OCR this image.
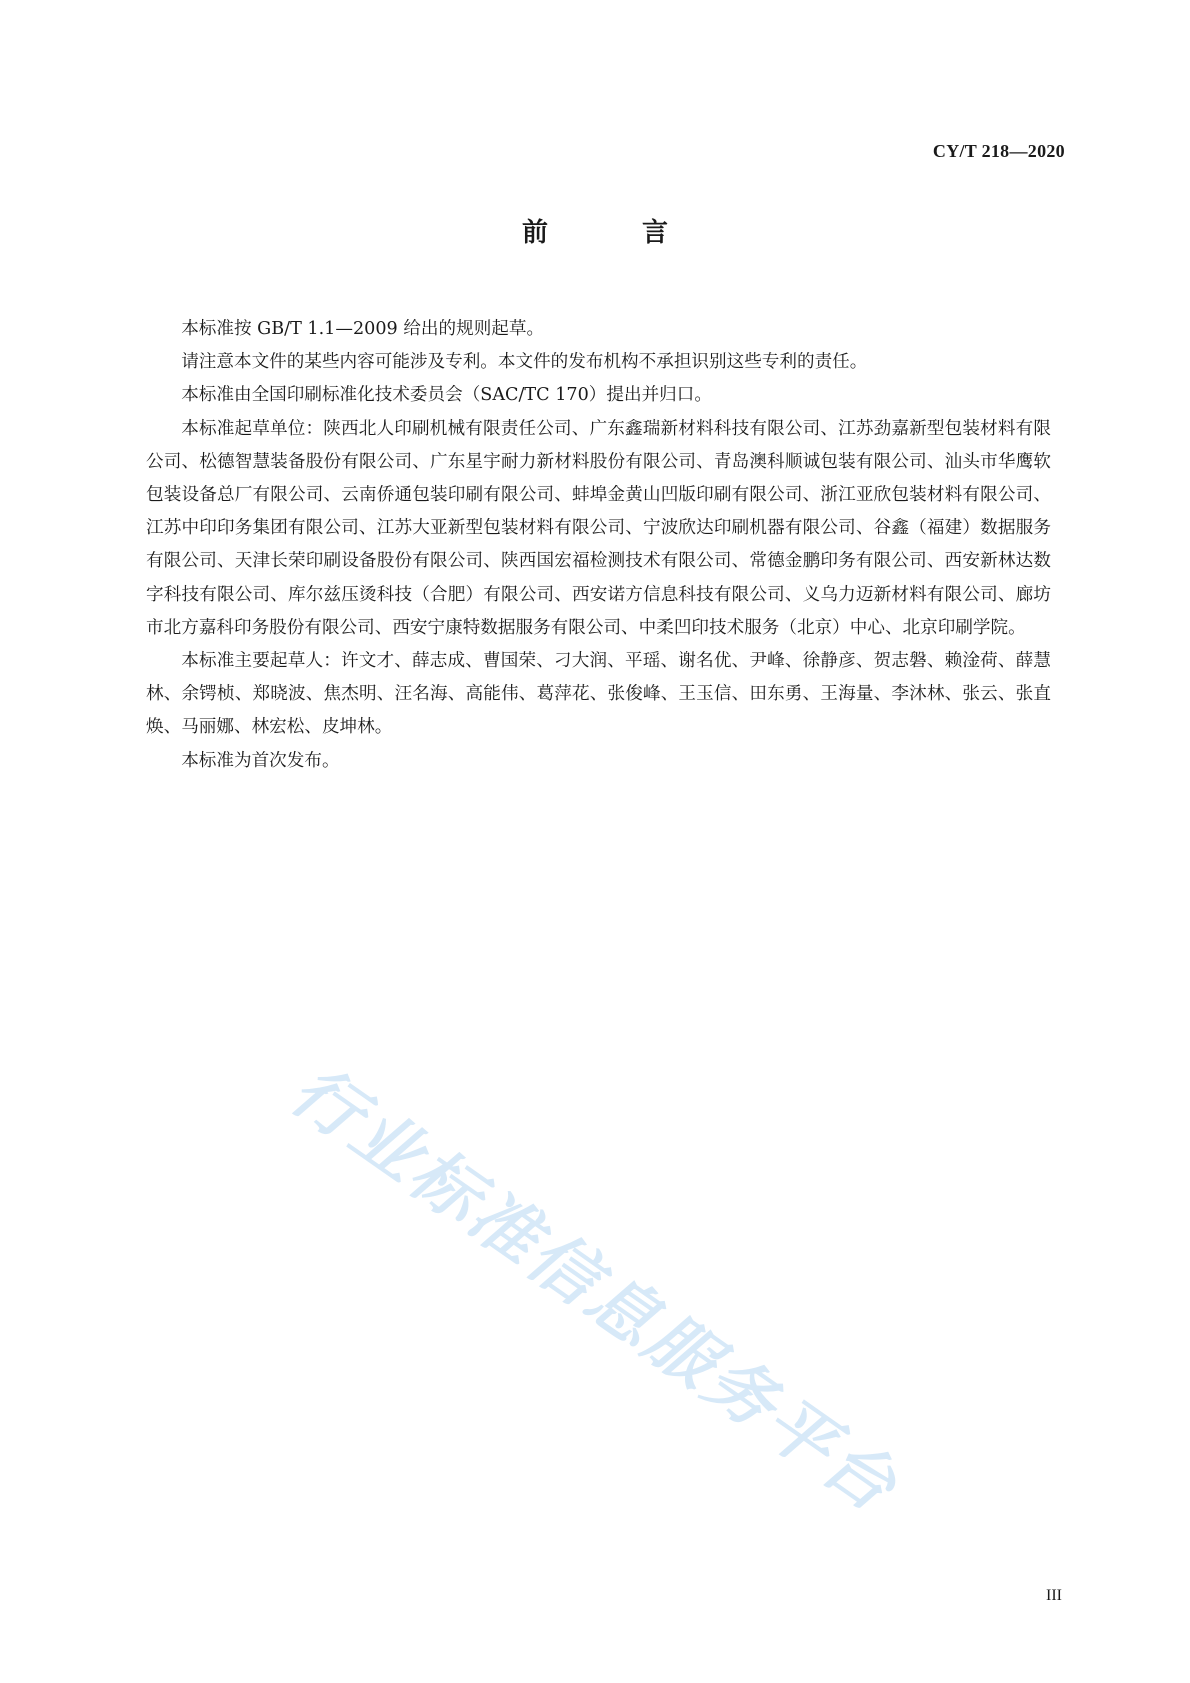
CY/T 218—2020
前　言

本标准按 GB/T 1.1—2009 给出的规则起草。

请注意本文件的某些内容可能涉及专利。本文件的发布机构不承担识别这些专利的责任。

本标准由全国印刷标准化技术委员会（SAC/TC 170）提出并归口。

本标准起草单位：陕西北人印刷机械有限责任公司、广东鑫瑞新材料科技有限公司、江苏劲嘉新型包装材料有限公司、松德智慧装备股份有限公司、广东星宇耐力新材料股份有限公司、青岛澳科顺诚包装有限公司、汕头市华鹰软包装设备总厂有限公司、云南侨通包装印刷有限公司、蚌埠金黄山凹版印刷有限公司、浙江亚欣包装材料有限公司、江苏中印印务集团有限公司、江苏大亚新型包装材料有限公司、宁波欣达印刷机器有限公司、谷鑫（福建）数据服务有限公司、天津长荣印刷设备股份有限公司、陕西国宏福检测技术有限公司、常德金鹏印务有限公司、西安新林达数字科技有限公司、库尔兹压烫科技（合肥）有限公司、西安诺方信息科技有限公司、义乌力迈新材料有限公司、廊坊市北方嘉科印务股份有限公司、西安宁康特数据服务有限公司、中柔凹印技术服务（北京）中心、北京印刷学院。

本标准主要起草人：许文才、薛志成、曹国荣、刁大润、平瑶、谢名优、尹峰、徐静彦、贺志磐、赖淦荷、薛慧林、余锷桢、郑晓波、焦杰明、汪名海、高能伟、葛萍花、张俊峰、王玉信、田东勇、王海量、李沐林、张云、张直焕、马丽娜、林宏松、皮坤林。

本标准为首次发布。

行业标准信息服务平台
III
